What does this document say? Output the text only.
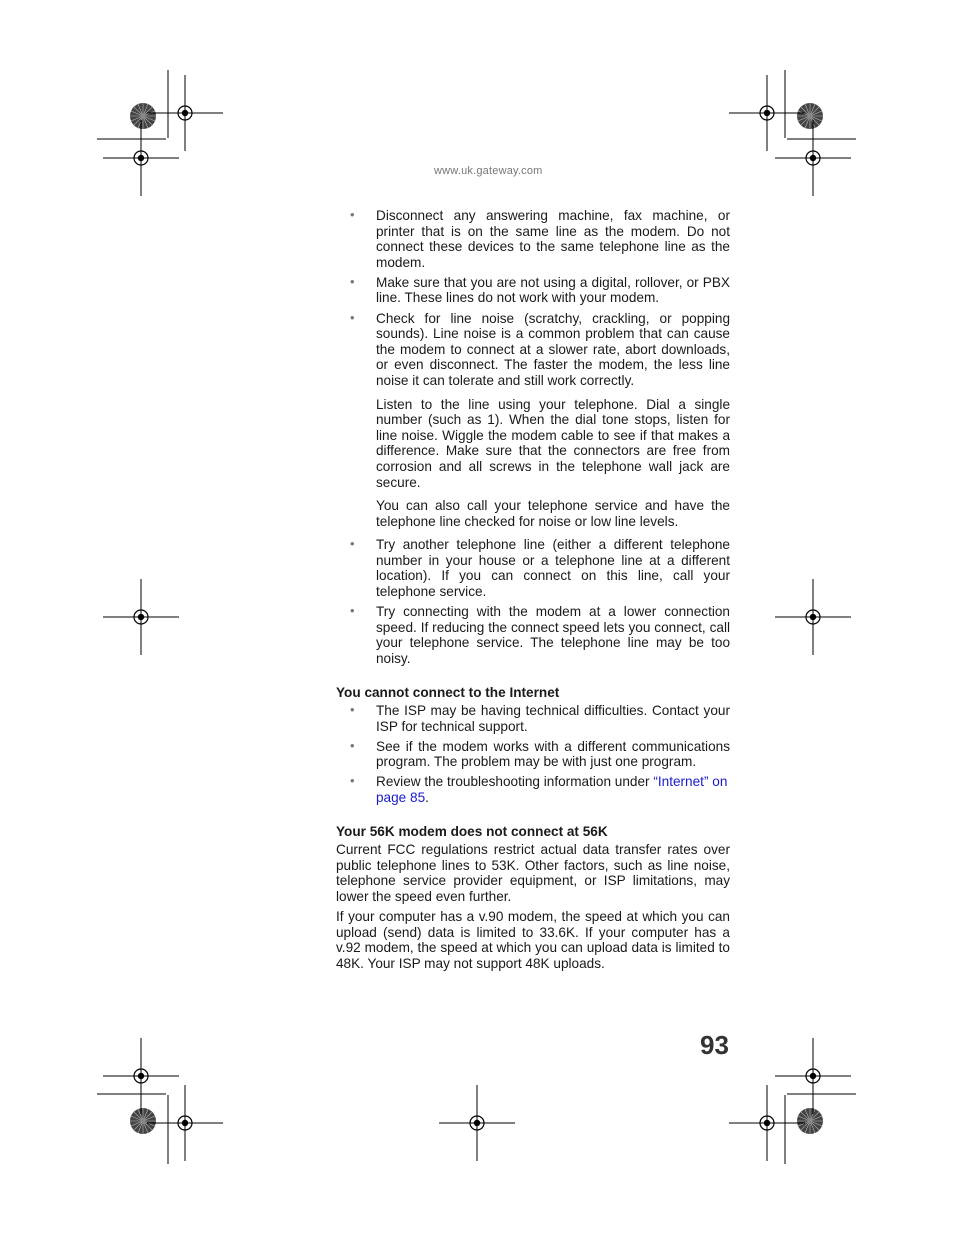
www.uk.gateway.com
• Disconnect any answering machine, fax machine, or printer that is on the same line as the modem. Do not connect these devices to the same telephone line as the modem.
• Make sure that you are not using a digital, rollover, or PBX line. These lines do not work with your modem.
• Check for line noise (scratchy, crackling, or popping sounds). Line noise is a common problem that can cause the modem to connect at a slower rate, abort downloads, or even disconnect. The faster the modem, the less line noise it can tolerate and still work correctly.

Listen to the line using your telephone. Dial a single number (such as 1). When the dial tone stops, listen for line noise. Wiggle the modem cable to see if that makes a difference. Make sure that the connectors are free from corrosion and all screws in the telephone wall jack are secure.

You can also call your telephone service and have the telephone line checked for noise or low line levels.

• Try another telephone line (either a different telephone number in your house or a telephone line at a different location). If you can connect on this line, call your telephone service.
• Try connecting with the modem at a lower connection speed. If reducing the connect speed lets you connect, call your telephone service. The telephone line may be too noisy.
You cannot connect to the Internet
• The ISP may be having technical difficulties. Contact your ISP for technical support.
• See if the modem works with a different communications program. The problem may be with just one program.
• Review the troubleshooting information under “Internet” on page 85.
Your 56K modem does not connect at 56K

Current FCC regulations restrict actual data transfer rates over public telephone lines to 53K. Other factors, such as line noise, telephone service provider equipment, or ISP limitations, may lower the speed even further.

If your computer has a v.90 modem, the speed at which you can upload (send) data is limited to 33.6K. If your computer has a v.92 modem, the speed at which you can upload data is limited to 48K. Your ISP may not support 48K uploads.

93
